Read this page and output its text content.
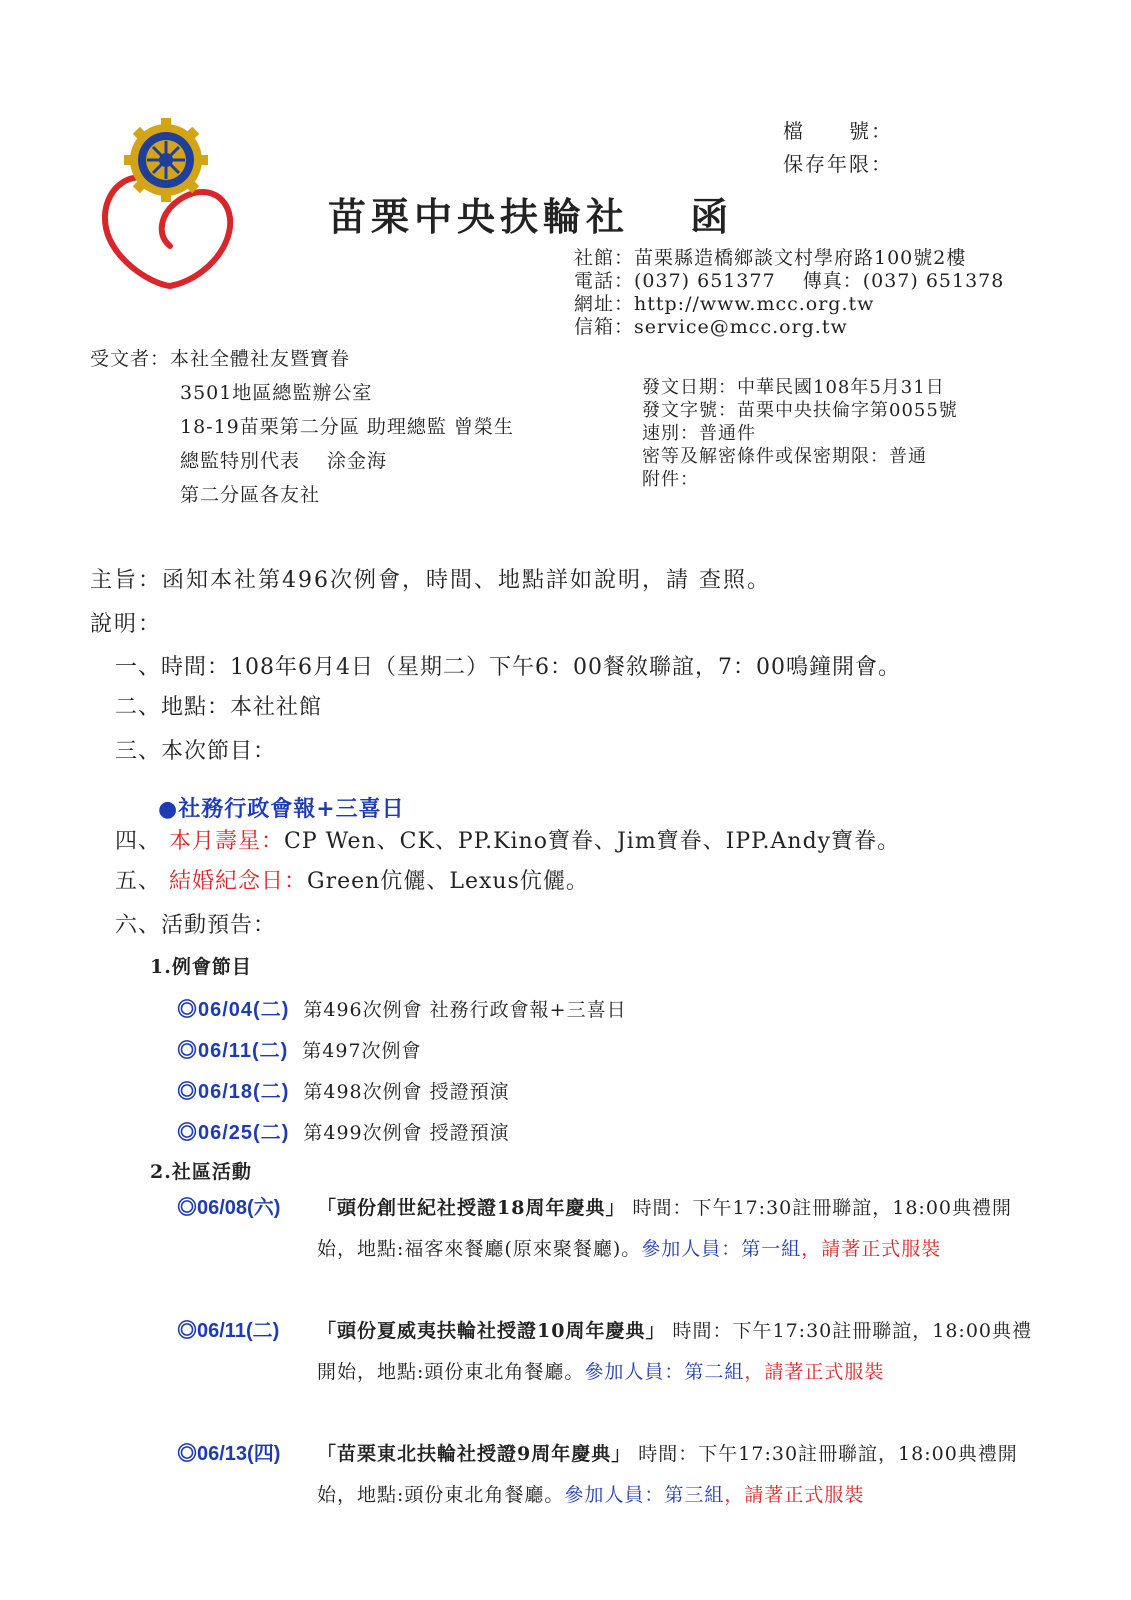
檔　　號：
保存年限：
苗栗中央扶輪社　 函
社館：苗栗縣造橋鄉談文村學府路100號2樓
電話：(037) 651377　 傳真：(037) 651378
網址：http://www.mcc.org.tw
信箱：service@mcc.org.tw
受文者：本社全體社友暨寶眷
3501地區總監辦公室
18-19苗栗第二分區 助理總監 曾榮生
總監特別代表　 涂金海
第二分區各友社
發文日期：中華民國108年5月31日
發文字號：苗栗中央扶倫字第0055號
速別：普通件
密等及解密條件或保密期限：普通
附件：
主旨：函知本社第496次例會，時間、地點詳如說明，請 查照。
說明：
一、時間：108年6月4日（星期二）下午6：00餐敘聯誼，7：00鳴鐘開會。
二、地點：本社社館
三、本次節目：
●社務行政會報+三喜日
四、 本月壽星：CP Wen、CK、PP.Kino寶眷、Jim寶眷、IPP.Andy寶眷。
五、 結婚紀念日：Green伉儷、Lexus伉儷。
六、活動預告：
1.例會節目
◎06/04(二) 第496次例會 社務行政會報+三喜日
◎06/11(二) 第497次例會
◎06/18(二) 第498次例會 授證預演
◎06/25(二) 第499次例會 授證預演
2.社區活動
◎06/08(六)	「頭份創世紀社授證18周年慶典」 時間：下午17:30註冊聯誼，18:00典禮開始，地點:福客來餐廳(原來聚餐廳)。參加人員：第一組，請著正式服裝
◎06/11(二)	「頭份夏威夷扶輪社授證10周年慶典」 時間：下午17:30註冊聯誼，18:00典禮開始，地點:頭份東北角餐廳。參加人員：第二組，請著正式服裝
◎06/13(四)	「苗栗東北扶輪社授證9周年慶典」 時間：下午17:30註冊聯誼，18:00典禮開始，地點:頭份東北角餐廳。參加人員：第三組，請著正式服裝
